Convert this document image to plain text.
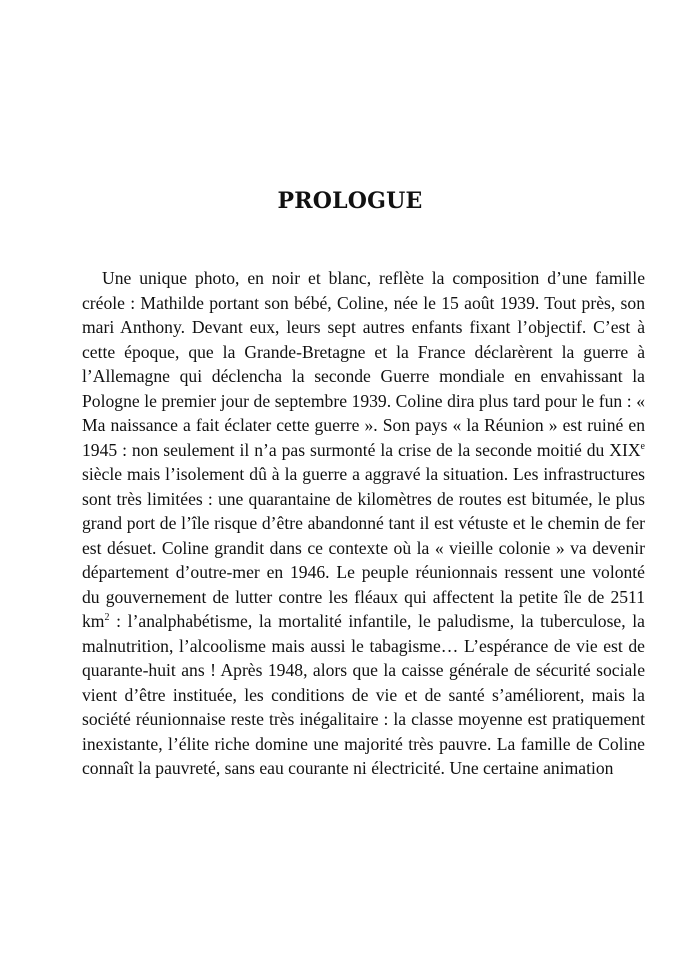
PROLOGUE

Une unique photo, en noir et blanc, reflète la composition d’une famille créole : Mathilde portant son bébé, Coline, née le 15 août 1939. Tout près, son mari Anthony. Devant eux, leurs sept autres enfants fixant l’objectif. C’est à cette époque, que la Grande-Bretagne et la France déclarèrent la guerre à l’Allemagne qui déclencha la seconde Guerre mondiale en envahissant la Pologne le premier jour de septembre 1939. Coline dira plus tard pour le fun : « Ma naissance a fait éclater cette guerre ». Son pays « la Réunion » est ruiné en 1945 : non seulement il n’a pas surmonté la crise de la seconde moitié du XIXe siècle mais l’isolement dû à la guerre a aggravé la situation. Les infrastructures sont très limitées : une quarantaine de kilomètres de routes est bitumée, le plus grand port de l’île risque d’être abandonné tant il est vétuste et le chemin de fer est désuet. Coline grandit dans ce contexte où la « vieille colonie » va devenir département d’outre-mer en 1946. Le peuple réunionnais ressent une volonté du gouvernement de lutter contre les fléaux qui affectent la petite île de 2511 $km^2$ : l’analphabétisme, la mortalité infantile, le paludisme, la tuberculose, la malnutrition, l’alcoolisme mais aussi le tabagisme… L’espérance de vie est de quarante-huit ans ! Après 1948, alors que la caisse générale de sécurité sociale vient d’être instituée, les conditions de vie et de santé s’améliorent, mais la société réunionnaise reste très inégalitaire : la classe moyenne est pratiquement inexistante, l’élite riche domine une majorité très pauvre. La famille de Coline connaît la pauvreté, sans eau courante ni électricité. Une certaine animation
